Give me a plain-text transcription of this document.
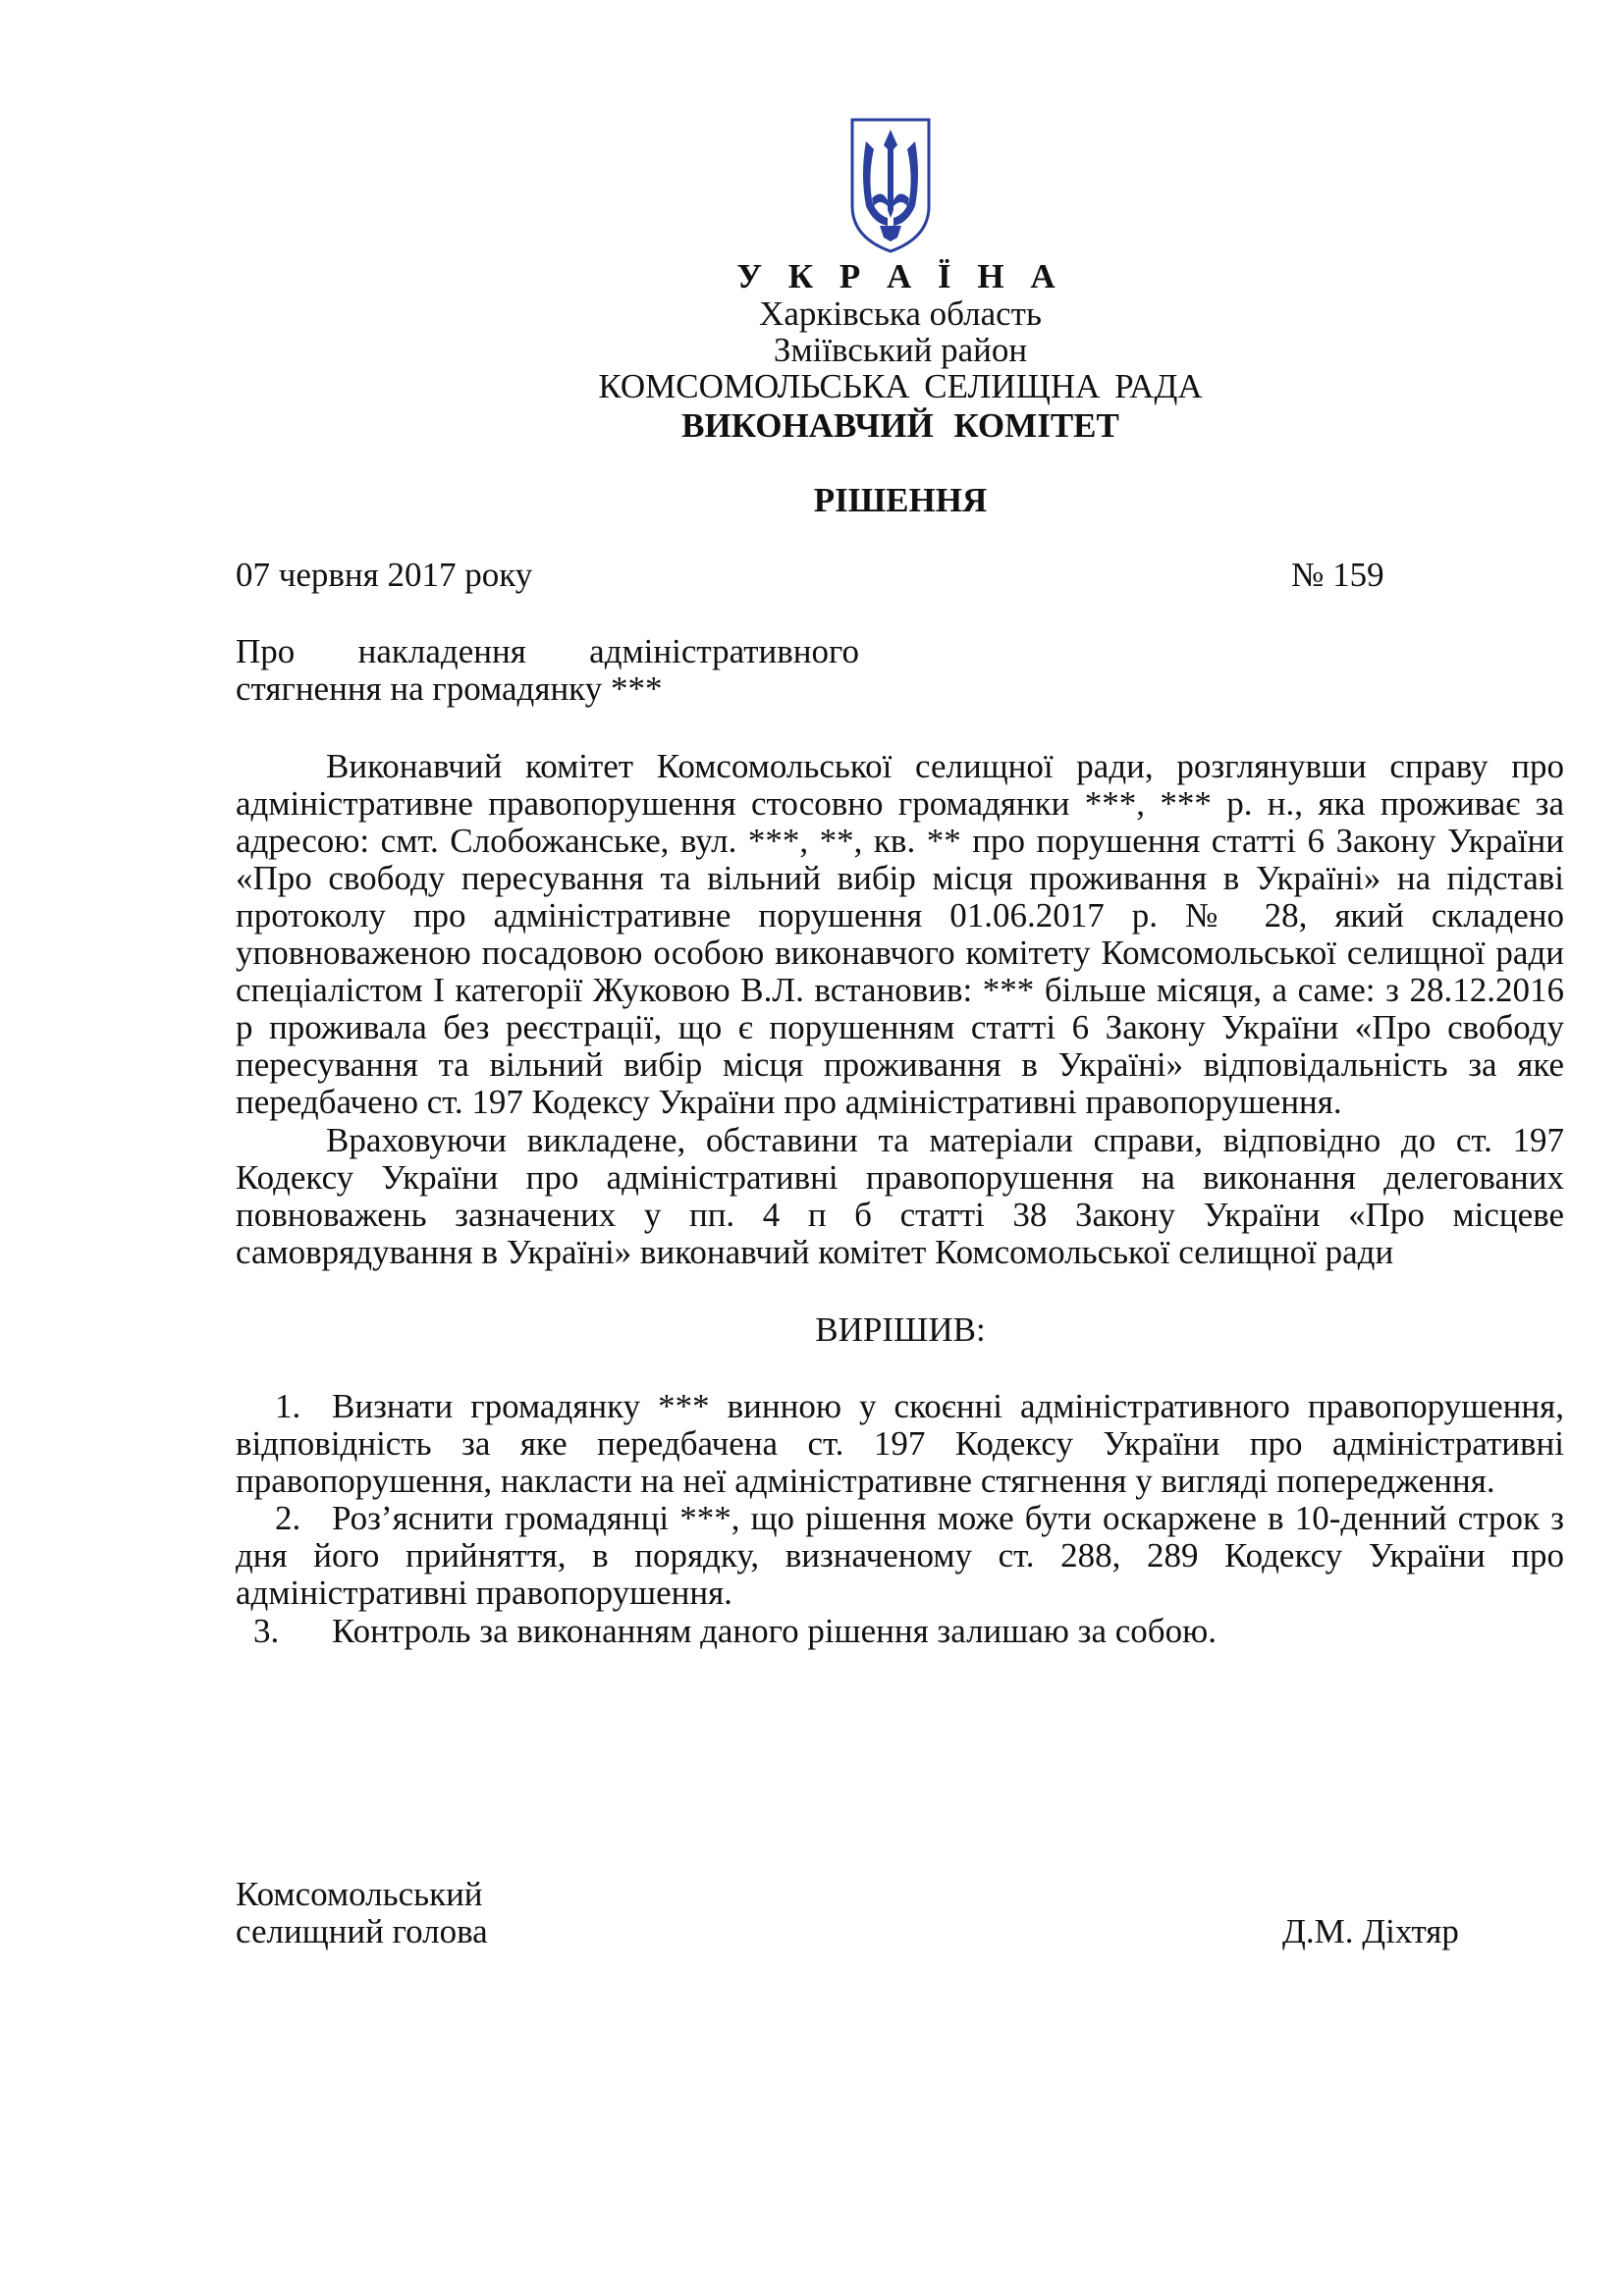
У К Р А Ї Н А
Харківська область
Зміївський район
КОМСОМОЛЬСЬКА СЕЛИЩНА РАДА
ВИКОНАВЧИЙ КОМІТЕТ
РІШЕННЯ
07 червня 2017 року	№ 159
Про накладення адміністративного
стягнення на громадянку ***
Виконавчий комітет Комсомольської селищної ради, розглянувши справу про адміністративне правопорушення стосовно громадянки ***, *** р. н., яка проживає за адресою: смт. Слобожанське, вул. ***, **, кв. ** про порушення статті 6 Закону України «Про свободу пересування та вільний вибір місця проживання в Україні» на підставі протоколу про адміністративне порушення 01.06.2017 р. № 28, який складено уповноваженою посадовою особою виконавчого комітету Комсомольської селищної ради спеціалістом І категорії Жуковою В.Л. встановив: *** більше місяця, а саме: з 28.12.2016 р проживала без реєстрації, що є порушенням статті 6 Закону України «Про свободу пересування та вільний вибір місця проживання в Україні» відповідальність за яке передбачено ст. 197 Кодексу України про адміністративні правопорушення.
Враховуючи викладене, обставини та матеріали справи, відповідно до ст. 197 Кодексу України про адміністративні правопорушення на виконання делегованих повноважень зазначених у пп. 4 п б статті 38 Закону України «Про місцеве самоврядування в Україні» виконавчий комітет Комсомольської селищної ради
ВИРІШИВ:
1. Визнати громадянку *** винною у скоєнні адміністративного правопорушення, відповідність за яке передбачена ст. 197 Кодексу України про адміністративні правопорушення, накласти на неї адміністративне стягнення у вигляді попередження.
2. Роз’яснити громадянці ***, що рішення може бути оскаржене в 10-денний строк з дня його прийняття, в порядку, визначеному ст. 288, 289 Кодексу України про адміністративні правопорушення.
3. Контроль за виконанням даного рішення залишаю за собою.
Комсомольський
селищний голова	Д.М. Діхтяр
